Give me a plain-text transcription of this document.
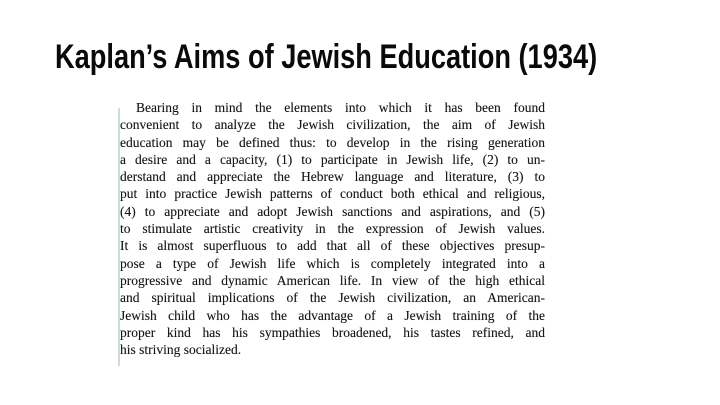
Kaplan’s Aims of Jewish Education (1934)
Bearing in mind the elements into which it has been found
convenient to analyze the Jewish civilization, the aim of Jewish
education may be defined thus: to develop in the rising generation
a desire and a capacity, (1) to participate in Jewish life, (2) to un-
derstand and appreciate the Hebrew language and literature, (3) to
put into practice Jewish patterns of conduct both ethical and religious,
(4) to appreciate and adopt Jewish sanctions and aspirations, and (5)
to stimulate artistic creativity in the expression of Jewish values.
It is almost superfluous to add that all of these objectives presup-
pose a type of Jewish life which is completely integrated into a
progressive and dynamic American life. In view of the high ethical
and spiritual implications of the Jewish civilization, an American-
Jewish child who has the advantage of a Jewish training of the
proper kind has his sympathies broadened, his tastes refined, and
his striving socialized.
